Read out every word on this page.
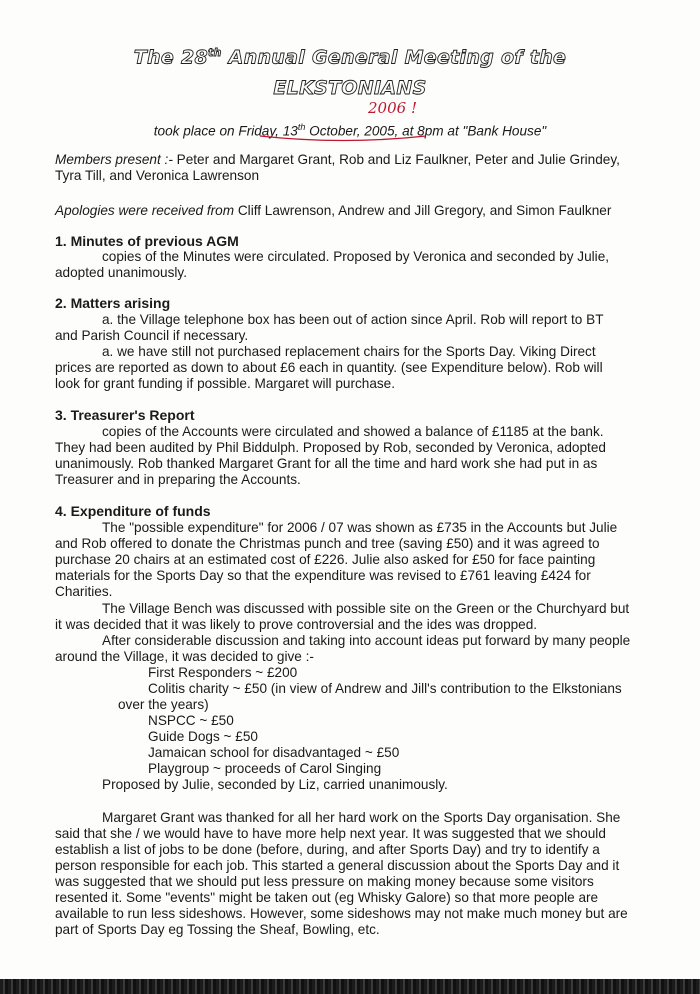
The 28th Annual General Meeting of the
ELKSTONIANS
2006 !
took place on Friday, 13th October, 2005, at 8pm at "Bank House"
Members present :- Peter and Margaret Grant, Rob and Liz Faulkner, Peter and Julie Grindey,
Tyra Till, and Veronica Lawrenson
Apologies were received from Cliff Lawrenson, Andrew and Jill Gregory, and Simon Faulkner
1. Minutes of previous AGM
copies of the Minutes were circulated. Proposed by Veronica and seconded by Julie,
adopted unanimously.
2. Matters arising
a. the Village telephone box has been out of action since April. Rob will report to BT
and Parish Council if necessary.
a. we have still not purchased replacement chairs for the Sports Day. Viking Direct
prices are reported as down to about £6 each in quantity. (see Expenditure below). Rob will
look for grant funding if possible. Margaret will purchase.
3. Treasurer's Report
copies of the Accounts were circulated and showed a balance of £1185 at the bank.
They had been audited by Phil Biddulph. Proposed by Rob, seconded by Veronica, adopted
unanimously. Rob thanked Margaret Grant for all the time and hard work she had put in as
Treasurer and in preparing the Accounts.
4. Expenditure of funds
The "possible expenditure" for 2006 / 07 was shown as £735 in the Accounts but Julie
and Rob offered to donate the Christmas punch and tree (saving £50) and it was agreed to
purchase 20 chairs at an estimated cost of £226. Julie also asked for £50 for face painting
materials for the Sports Day so that the expenditure was revised to £761 leaving £424 for
Charities.
The Village Bench was discussed with possible site on the Green or the Churchyard but
it was decided that it was likely to prove controversial and the ides was dropped.
After considerable discussion and taking into account ideas put forward by many people
around the Village, it was decided to give :-
First Responders ~ £200
Colitis charity ~ £50 (in view of Andrew and Jill's contribution to the Elkstonians
over the years)
NSPCC ~ £50
Guide Dogs ~ £50
Jamaican school for disadvantaged ~ £50
Playgroup ~ proceeds of Carol Singing
Proposed by Julie, seconded by Liz, carried unanimously.
Margaret Grant was thanked for all her hard work on the Sports Day organisation. She
said that she / we would have to have more help next year. It was suggested that we should
establish a list of jobs to be done (before, during, and after Sports Day) and try to identify a
person responsible for each job. This started a general discussion about the Sports Day and it
was suggested that we should put less pressure on making money because some visitors
resented it. Some "events" might be taken out (eg Whisky Galore) so that more people are
available to run less sideshows. However, some sideshows may not make much money but are
part of Sports Day eg Tossing the Sheaf, Bowling, etc.
